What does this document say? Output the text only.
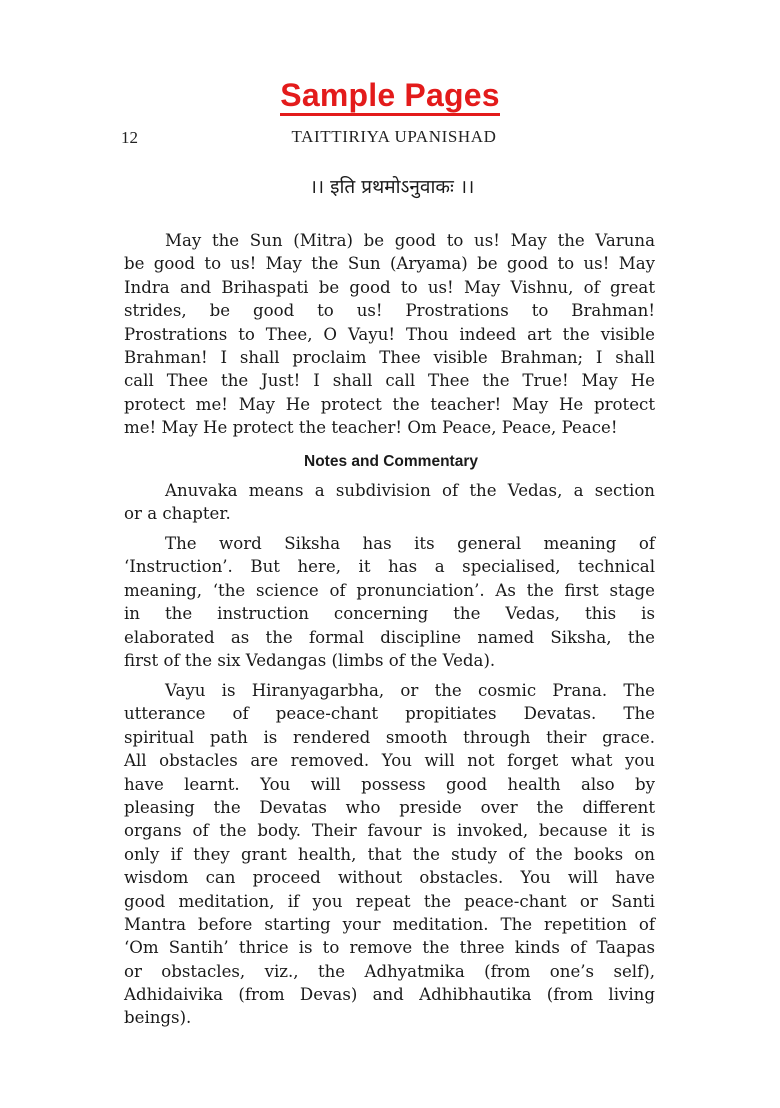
Sample Pages
12	TAITTIRIYA UPANISHAD
।। इति प्रथमोऽनुवाकः ।।
May the Sun (Mitra) be good to us! May the Varuna
be good to us! May the Sun (Aryama) be good to us! May
Indra and Brihaspati be good to us! May Vishnu, of great
strides, be good to us! Prostrations to Brahman!
Prostrations to Thee, O Vayu! Thou indeed art the visible
Brahman! I shall proclaim Thee visible Brahman; I shall
call Thee the Just! I shall call Thee the True! May He
protect me! May He protect the teacher! May He protect
me! May He protect the teacher! Om Peace, Peace, Peace!
Notes and Commentary
Anuvaka means a subdivision of the Vedas, a section
or a chapter.
The word Siksha has its general meaning of
‘Instruction’. But here, it has a specialised, technical
meaning, ‘the science of pronunciation’. As the first stage
in the instruction concerning the Vedas, this is
elaborated as the formal discipline named Siksha, the
first of the six Vedangas (limbs of the Veda).
Vayu is Hiranyagarbha, or the cosmic Prana. The
utterance of peace-chant propitiates Devatas. The
spiritual path is rendered smooth through their grace.
All obstacles are removed. You will not forget what you
have learnt. You will possess good health also by
pleasing the Devatas who preside over the different
organs of the body. Their favour is invoked, because it is
only if they grant health, that the study of the books on
wisdom can proceed without obstacles. You will have
good meditation, if you repeat the peace-chant or Santi
Mantra before starting your meditation. The repetition of
‘Om Santih’ thrice is to remove the three kinds of Taapas
or obstacles, viz., the Adhyatmika (from one’s self),
Adhidaivika (from Devas) and Adhibhautika (from living
beings).
